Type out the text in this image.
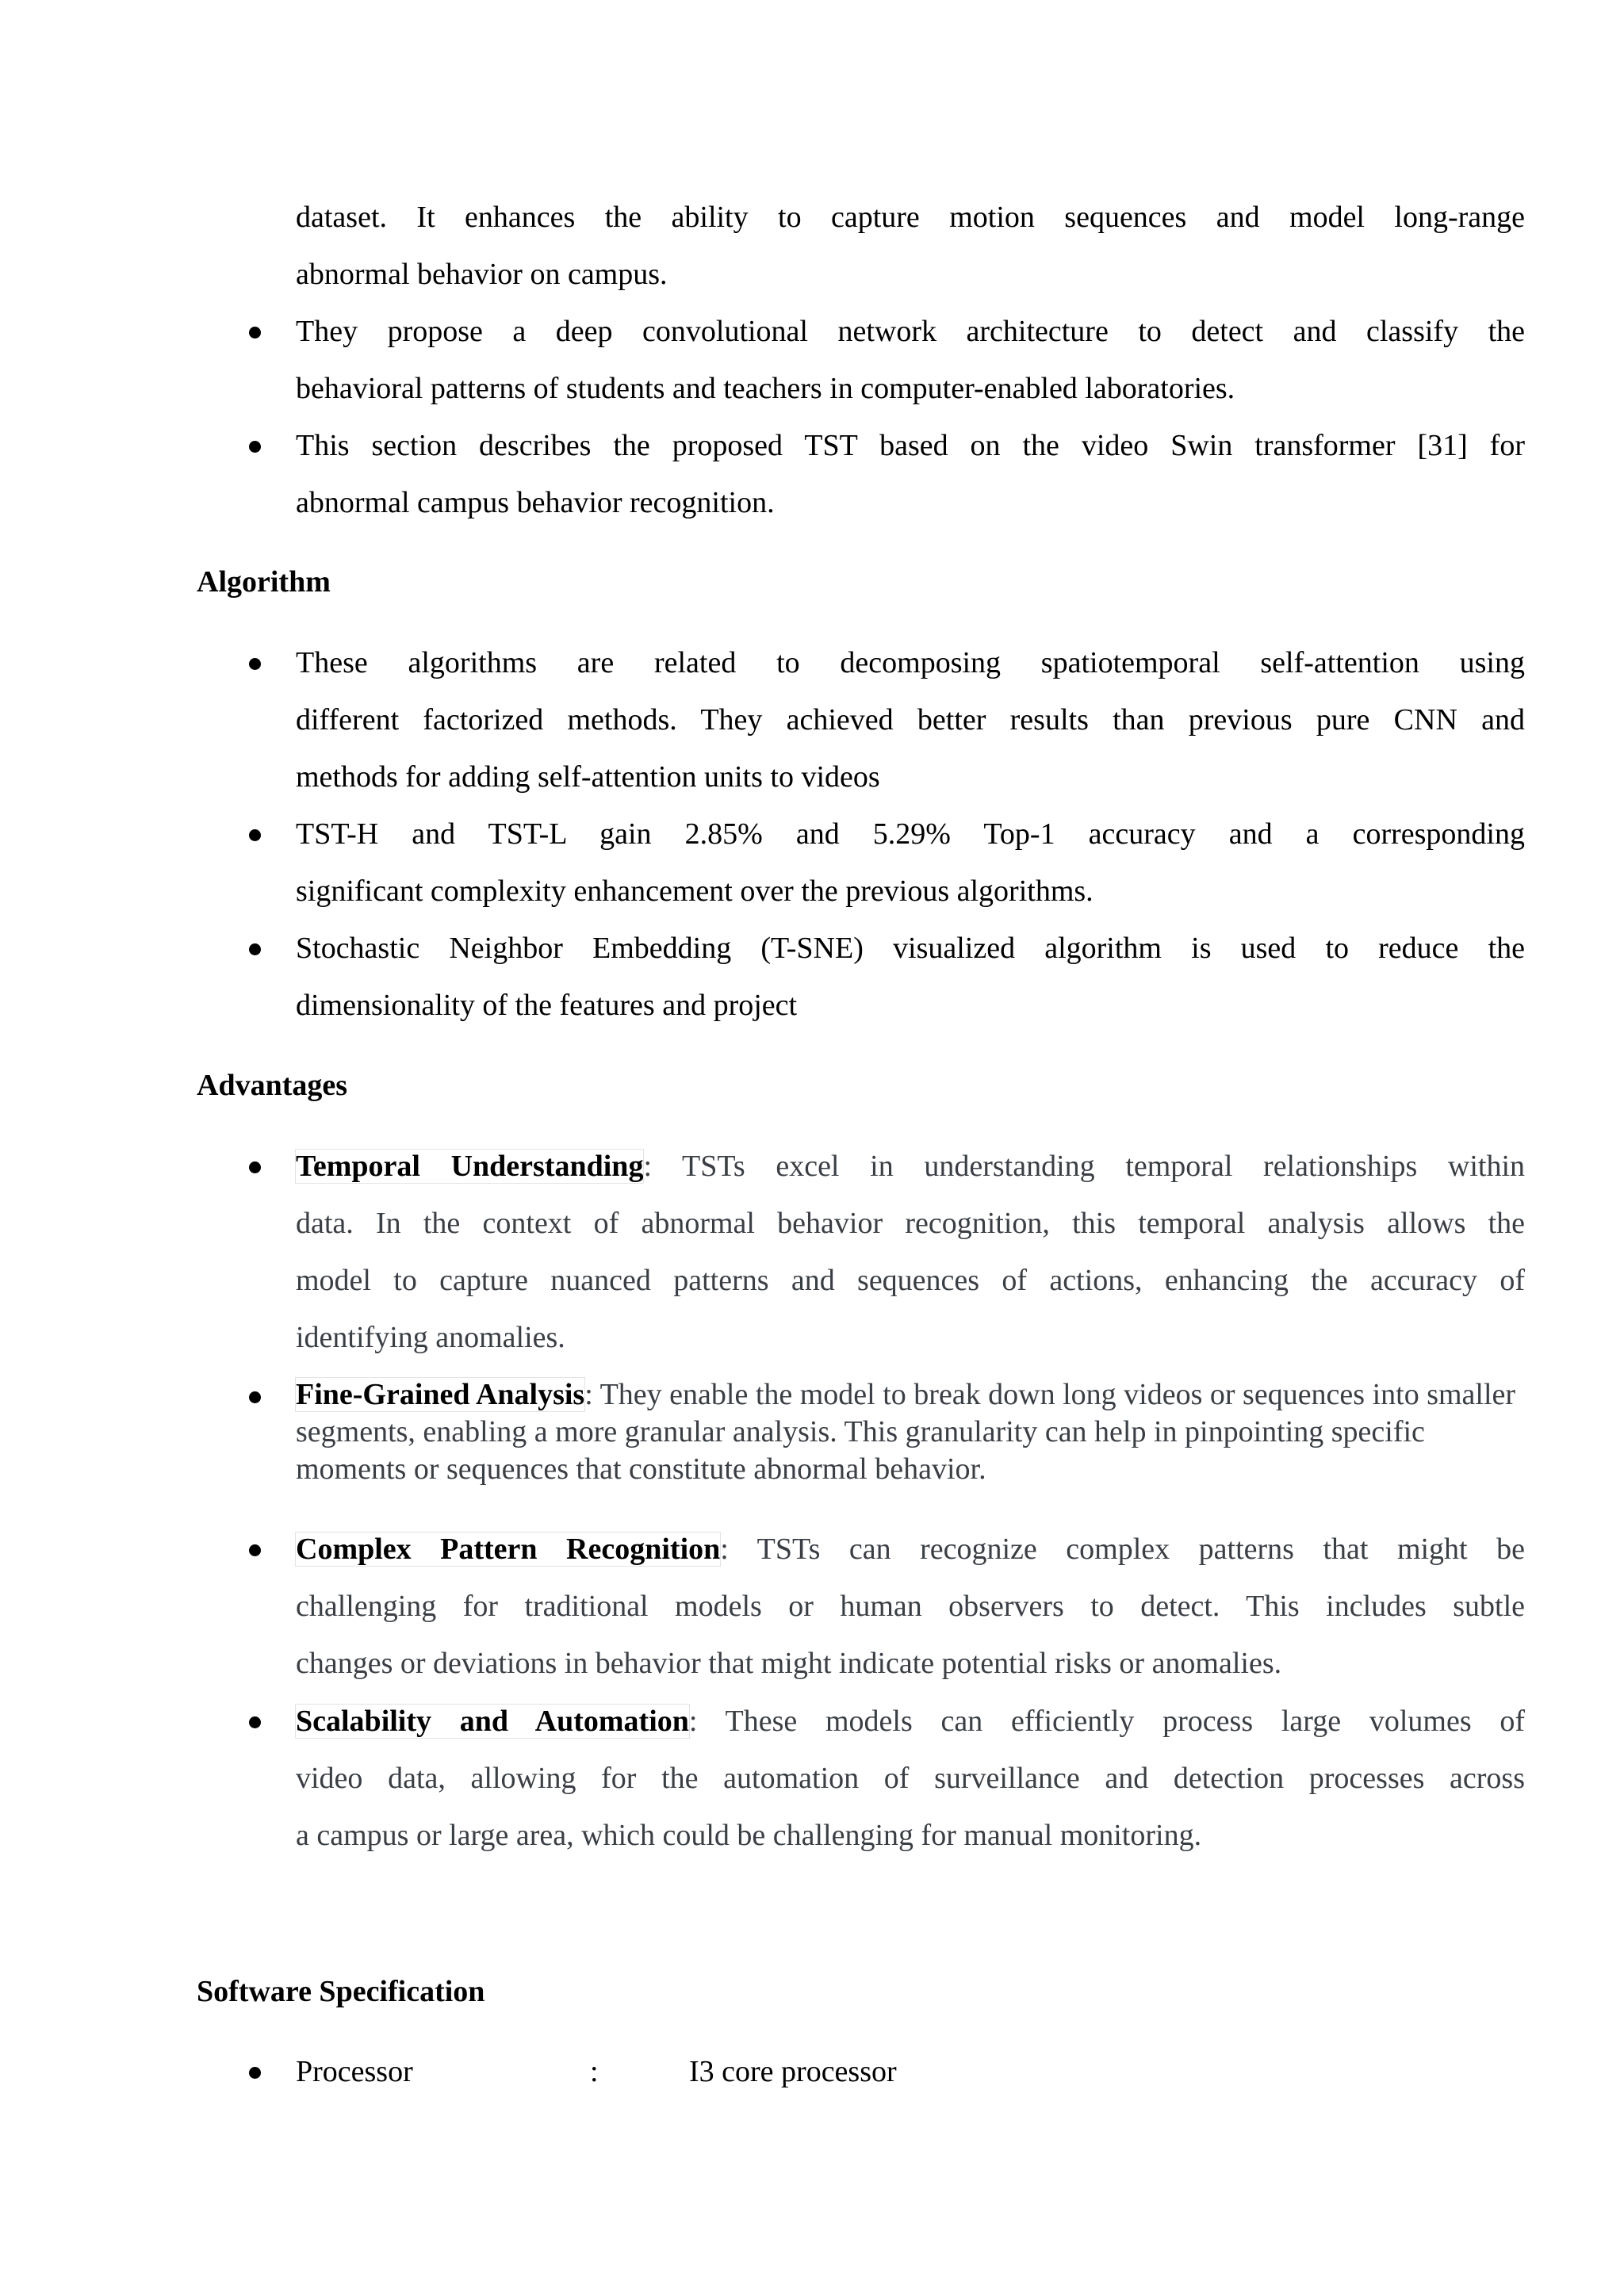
dataset. It enhances the ability to capture motion sequences and model long-range
abnormal behavior on campus.
They propose a deep convolutional network architecture to detect and classify the
behavioral patterns of students and teachers in computer-enabled laboratories.
This section describes the proposed TST based on the video Swin transformer [31] for
abnormal campus behavior recognition.
Algorithm
These algorithms are related to decomposing spatiotemporal self-attention using
different factorized methods. They achieved better results than previous pure CNN and
methods for adding self-attention units to videos
TST-H and TST-L gain 2.85% and 5.29% Top-1 accuracy and a corresponding
significant complexity enhancement over the previous algorithms.
Stochastic Neighbor Embedding (T-SNE) visualized algorithm is used to reduce the
dimensionality of the features and project
Advantages
Temporal Understanding: TSTs excel in understanding temporal relationships within
data. In the context of abnormal behavior recognition, this temporal analysis allows the
model to capture nuanced patterns and sequences of actions, enhancing the accuracy of
identifying anomalies.
Fine-Grained Analysis: They enable the model to break down long videos or sequences into smaller segments, enabling a more granular analysis. This granularity can help in pinpointing specific moments or sequences that constitute abnormal behavior.
Complex Pattern Recognition: TSTs can recognize complex patterns that might be
challenging for traditional models or human observers to detect. This includes subtle
changes or deviations in behavior that might indicate potential risks or anomalies.
Scalability and Automation: These models can efficiently process large volumes of
video data, allowing for the automation of surveillance and detection processes across
a campus or large area, which could be challenging for manual monitoring.
Software Specification
Processor	:	I3 core processor
